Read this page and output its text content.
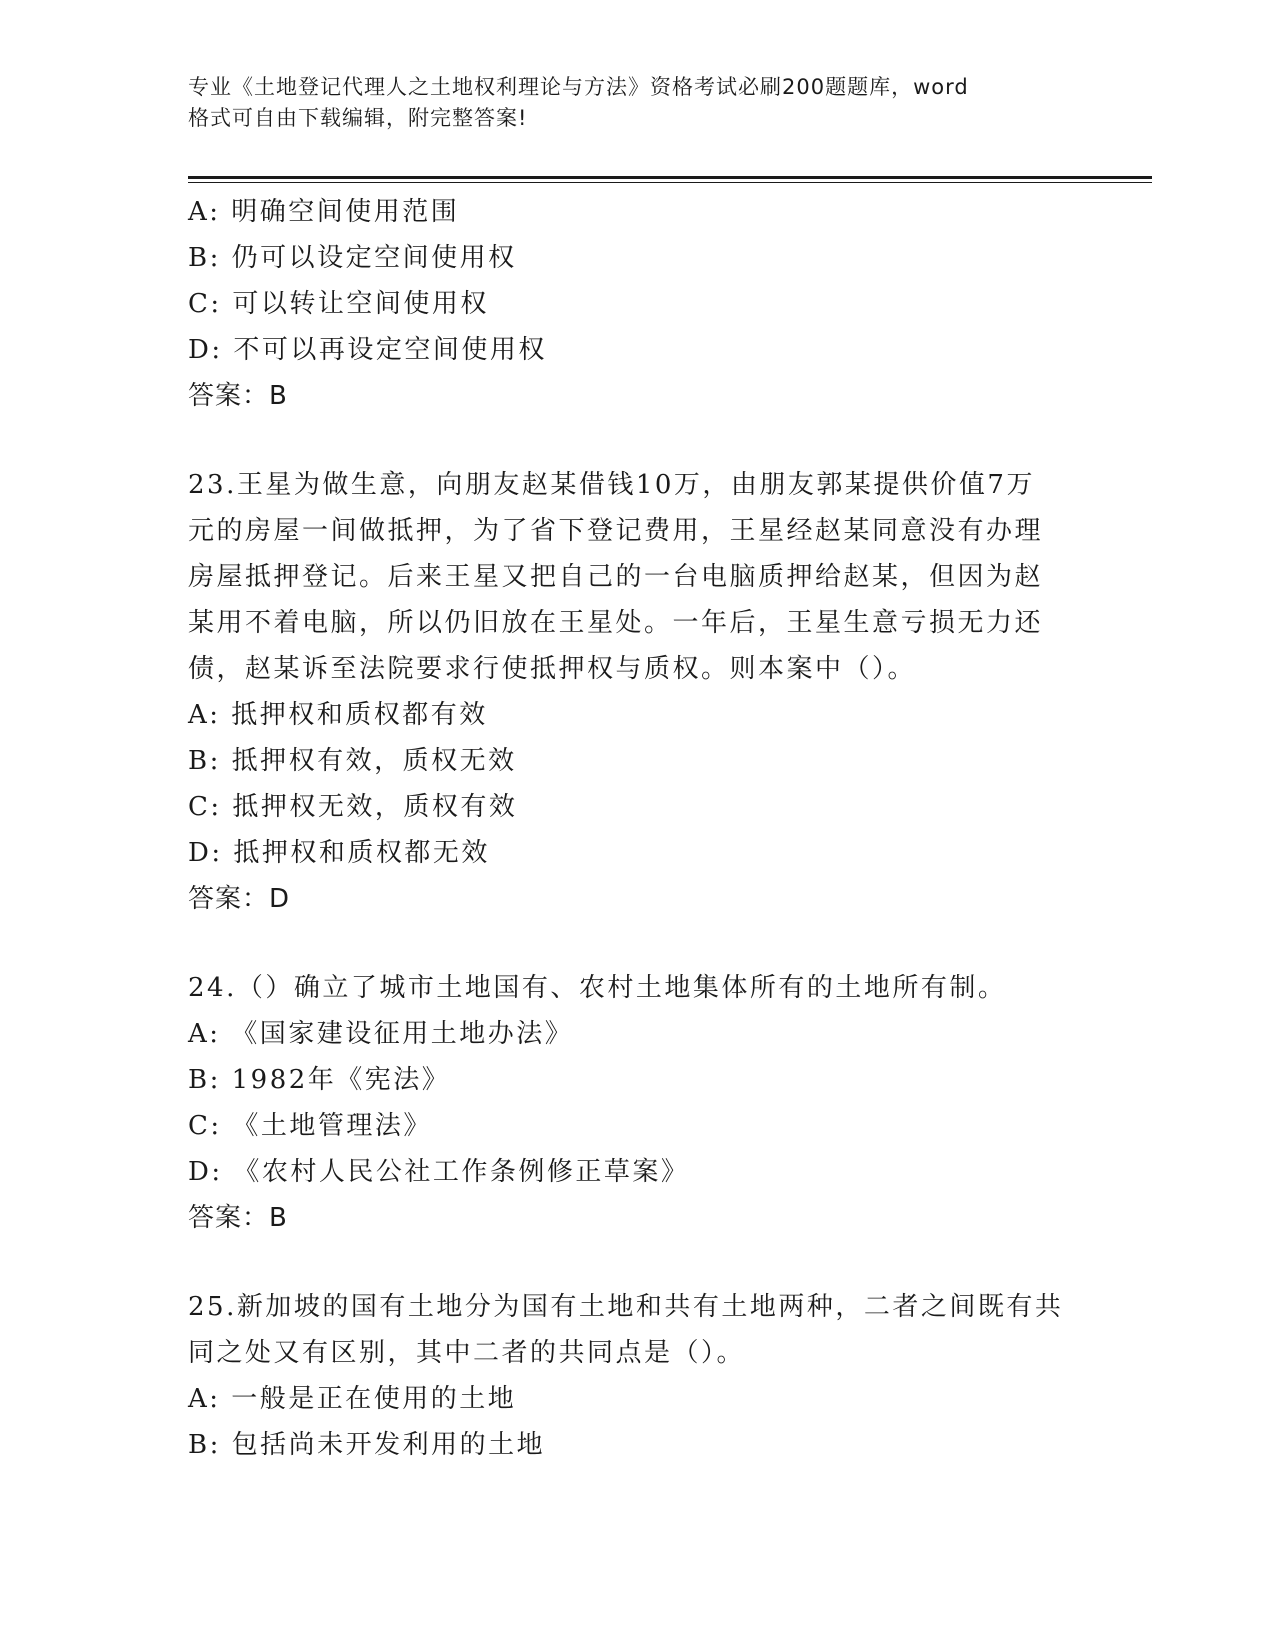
专业《土地登记代理人之土地权利理论与方法》资格考试必刷200题题库，word
格式可自由下载编辑，附完整答案!
A: 明确空间使用范围
B: 仍可以设定空间使用权
C: 可以转让空间使用权
D: 不可以再设定空间使用权
答案：B
23.王星为做生意，向朋友赵某借钱10万，由朋友郭某提供价值7万
元的房屋一间做抵押，为了省下登记费用，王星经赵某同意没有办理
房屋抵押登记。后来王星又把自己的一台电脑质押给赵某，但因为赵
某用不着电脑，所以仍旧放在王星处。一年后，王星生意亏损无力还
债，赵某诉至法院要求行使抵押权与质权。则本案中（）。
A: 抵押权和质权都有效
B: 抵押权有效，质权无效
C: 抵押权无效，质权有效
D: 抵押权和质权都无效
答案：D
24.（）确立了城市土地国有、农村土地集体所有的土地所有制。
A: 《国家建设征用土地办法》
B: 1982年《宪法》
C: 《土地管理法》
D: 《农村人民公社工作条例修正草案》
答案：B
25.新加坡的国有土地分为国有土地和共有土地两种，二者之间既有共
同之处又有区别，其中二者的共同点是（）。
A: 一般是正在使用的土地
B: 包括尚未开发利用的土地
